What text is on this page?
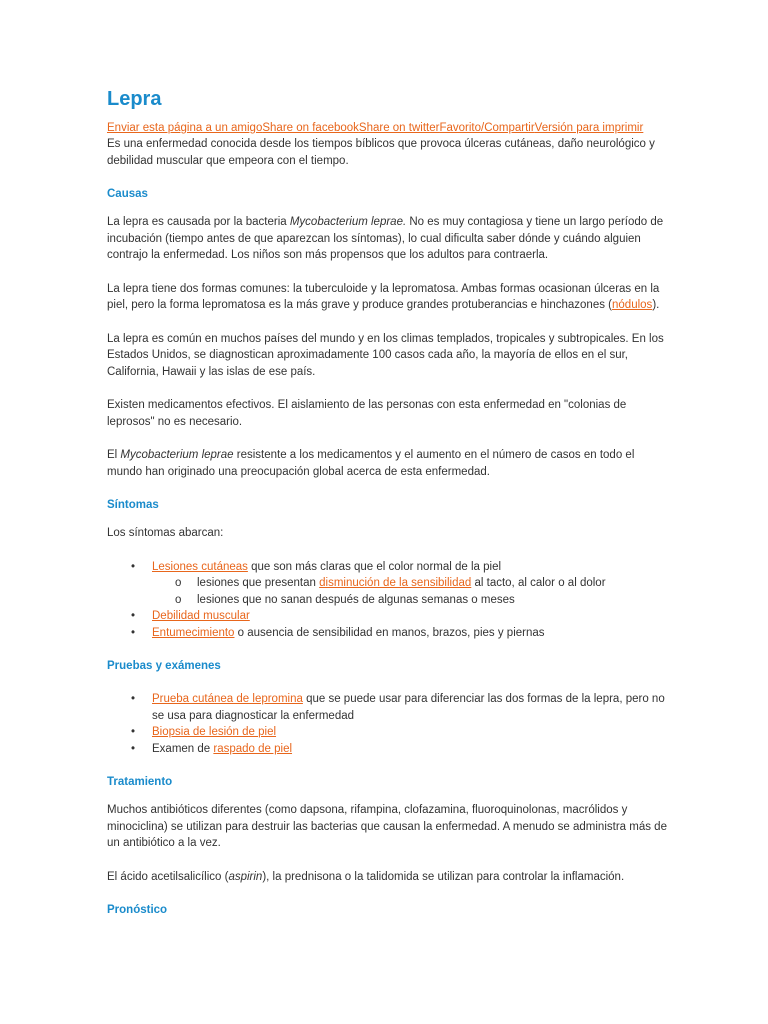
Lepra
Enviar esta página a un amigoShare on facebookShare on twitterFavorito/CompartirVersión para imprimir

Es una enfermedad conocida desde los tiempos bíblicos que provoca úlceras cutáneas, daño neurológico y debilidad muscular que empeora con el tiempo.

Causas

La lepra es causada por la bacteria Mycobacterium leprae. No es muy contagiosa y tiene un largo período de incubación (tiempo antes de que aparezcan los síntomas), lo cual dificulta saber dónde y cuándo alguien contrajo la enfermedad. Los niños son más propensos que los adultos para contraerla.

La lepra tiene dos formas comunes: la tuberculoide y la lepromatosa. Ambas formas ocasionan úlceras en la piel, pero la forma lepromatosa es la más grave y produce grandes protuberancias e hinchazones (nódulos).

La lepra es común en muchos países del mundo y en los climas templados, tropicales y subtropicales. En los Estados Unidos, se diagnostican aproximadamente 100 casos cada año, la mayoría de ellos en el sur, California, Hawaii y las islas de ese país.

Existen medicamentos efectivos. El aislamiento de las personas con esta enfermedad en "colonias de leprosos" no es necesario.

El Mycobacterium leprae resistente a los medicamentos y el aumento en el número de casos en todo el mundo han originado una preocupación global acerca de esta enfermedad.

Síntomas

Los síntomas abarcan:

• Lesiones cutáneas que son más claras que el color normal de la piel
o lesiones que presentan disminución de la sensibilidad al tacto, al calor o al dolor
o lesiones que no sanan después de algunas semanas o meses
• Debilidad muscular
• Entumecimiento o ausencia de sensibilidad en manos, brazos, pies y piernas
Pruebas y exámenes
• Prueba cutánea de lepromina que se puede usar para diferenciar las dos formas de la lepra, pero no se usa para diagnosticar la enfermedad
• Biopsia de lesión de piel
• Examen de raspado de piel
Tratamiento

Muchos antibióticos diferentes (como dapsona, rifampina, clofazamina, fluoroquinolonas, macrólidos y minociclina) se utilizan para destruir las bacterias que causan la enfermedad. A menudo se administra más de un antibiótico a la vez.

El ácido acetilsalicílico (aspirin), la prednisona o la talidomida se utilizan para controlar la inflamación.

Pronóstico
